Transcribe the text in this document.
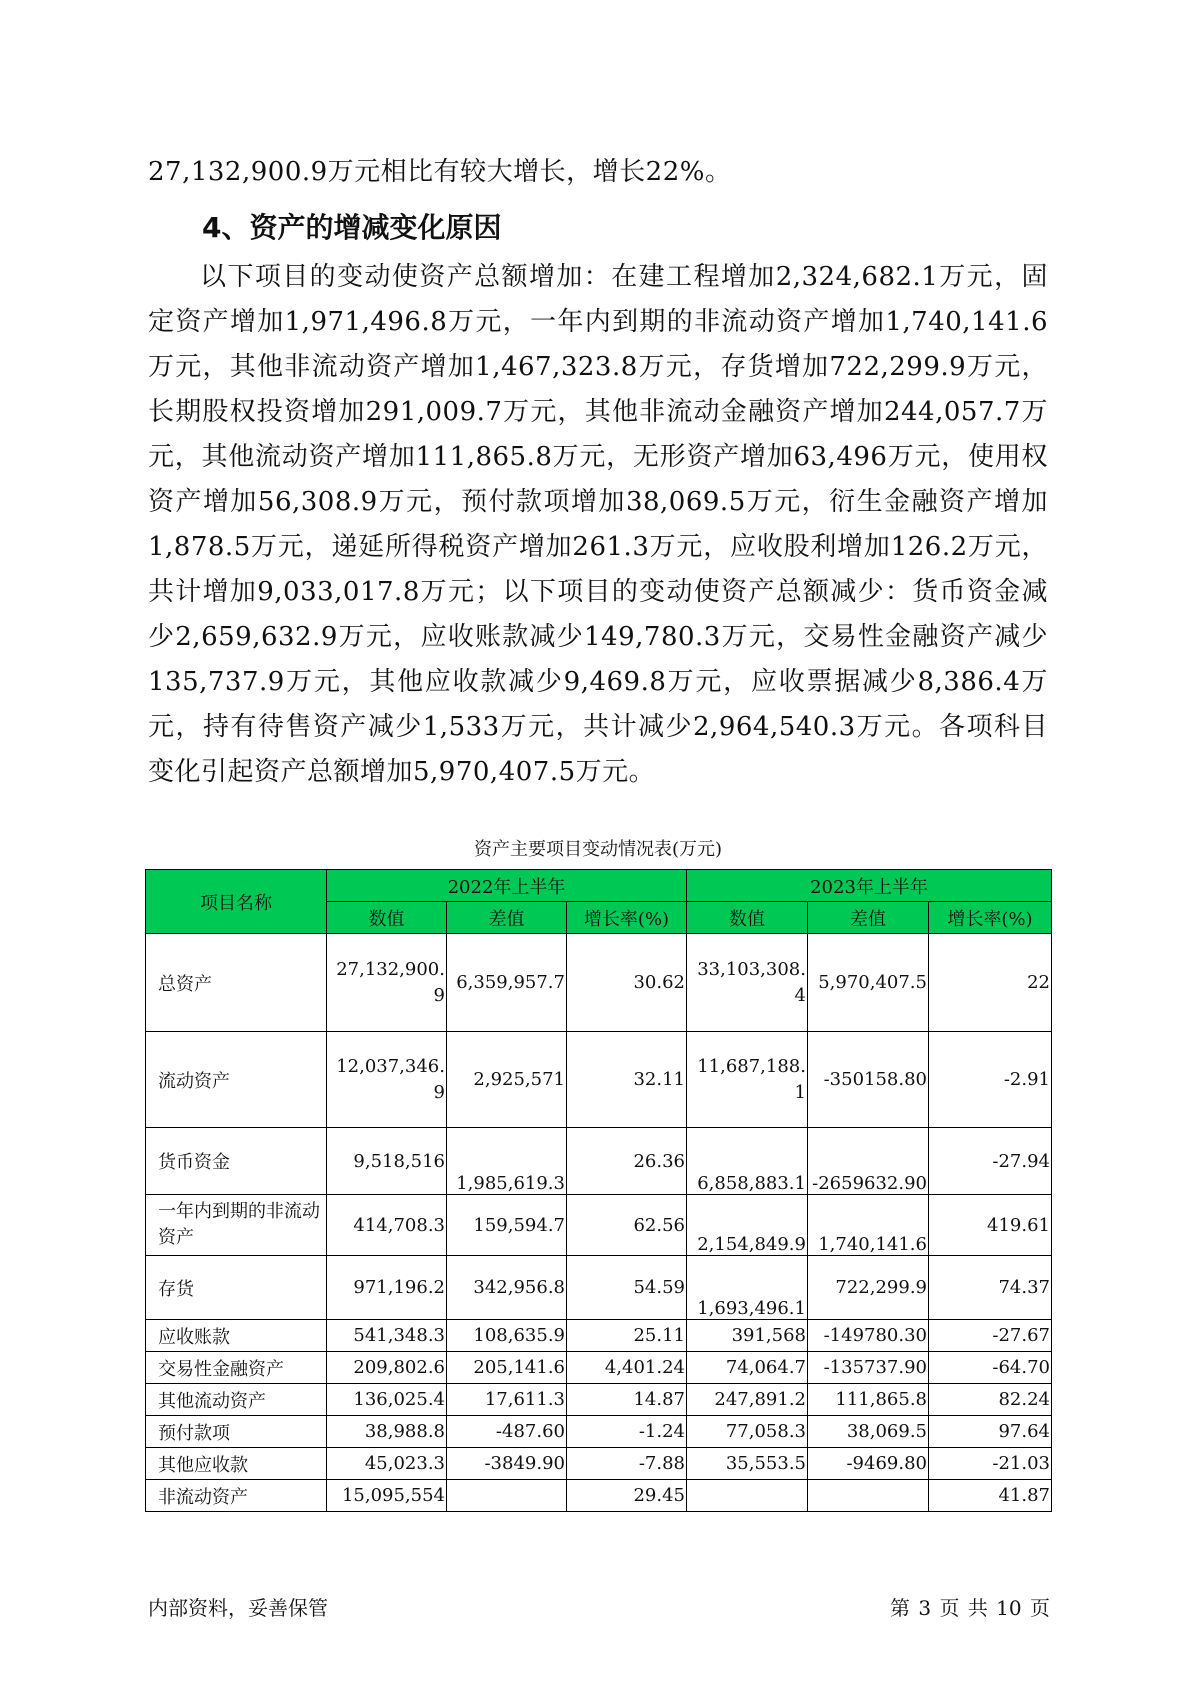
27,132,900.9万元相比有较大增长，增长22%。

4、资产的增减变化原因

以下项目的变动使资产总额增加：在建工程增加2,324,682.1万元，固定资产增加1,971,496.8万元，一年内到期的非流动资产增加1,740,141.6万元，其他非流动资产增加1,467,323.8万元，存货增加722,299.9万元，长期股权投资增加291,009.7万元，其他非流动金融资产增加244,057.7万元，其他流动资产增加111,865.8万元，无形资产增加63,496万元，使用权资产增加56,308.9万元，预付款项增加38,069.5万元，衍生金融资产增加1,878.5万元，递延所得税资产增加261.3万元，应收股利增加126.2万元，共计增加9,033,017.8万元；以下项目的变动使资产总额减少：货币资金减少2,659,632.9万元，应收账款减少149,780.3万元，交易性金融资产减少135,737.9万元，其他应收款减少9,469.8万元，应收票据减少8,386.4万元，持有待售资产减少1,533万元，共计减少2,964,540.3万元。各项科目变化引起资产总额增加5,970,407.5万元。

资产主要项目变动情况表(万元)

项目名称	2022年上半年			2023年上半年		
	数值	差值	增长率(%)	数值	差值	增长率(%)
总资产	27,132,900.9	6,359,957.7	30.62	33,103,308.4	5,970,407.5	22
流动资产	12,037,346.9	2,925,571	32.11	11,687,188.1	-350158.80	-2.91
货币资金	9,518,516	1,985,619.3	26.36	6,858,883.1	-2659632.90	-27.94
一年内到期的非流动资产	414,708.3	159,594.7	62.56	2,154,849.9	1,740,141.6	419.61
存货	971,196.2	342,956.8	54.59	1,693,496.1	722,299.9	74.37
应收账款	541,348.3	108,635.9	25.11	391,568	-149780.30	-27.67
交易性金融资产	209,802.6	205,141.6	4,401.24	74,064.7	-135737.90	-64.70
其他流动资产	136,025.4	17,611.3	14.87	247,891.2	111,865.8	82.24
预付款项	38,988.8	-487.60	-1.24	77,058.3	38,069.5	97.64
其他应收款	45,023.3	-3849.90	-7.88	35,553.5	-9469.80	-21.03
非流动资产	15,095,554		29.45			41.87

内部资料，妥善保管	第 3 页 共 10 页
